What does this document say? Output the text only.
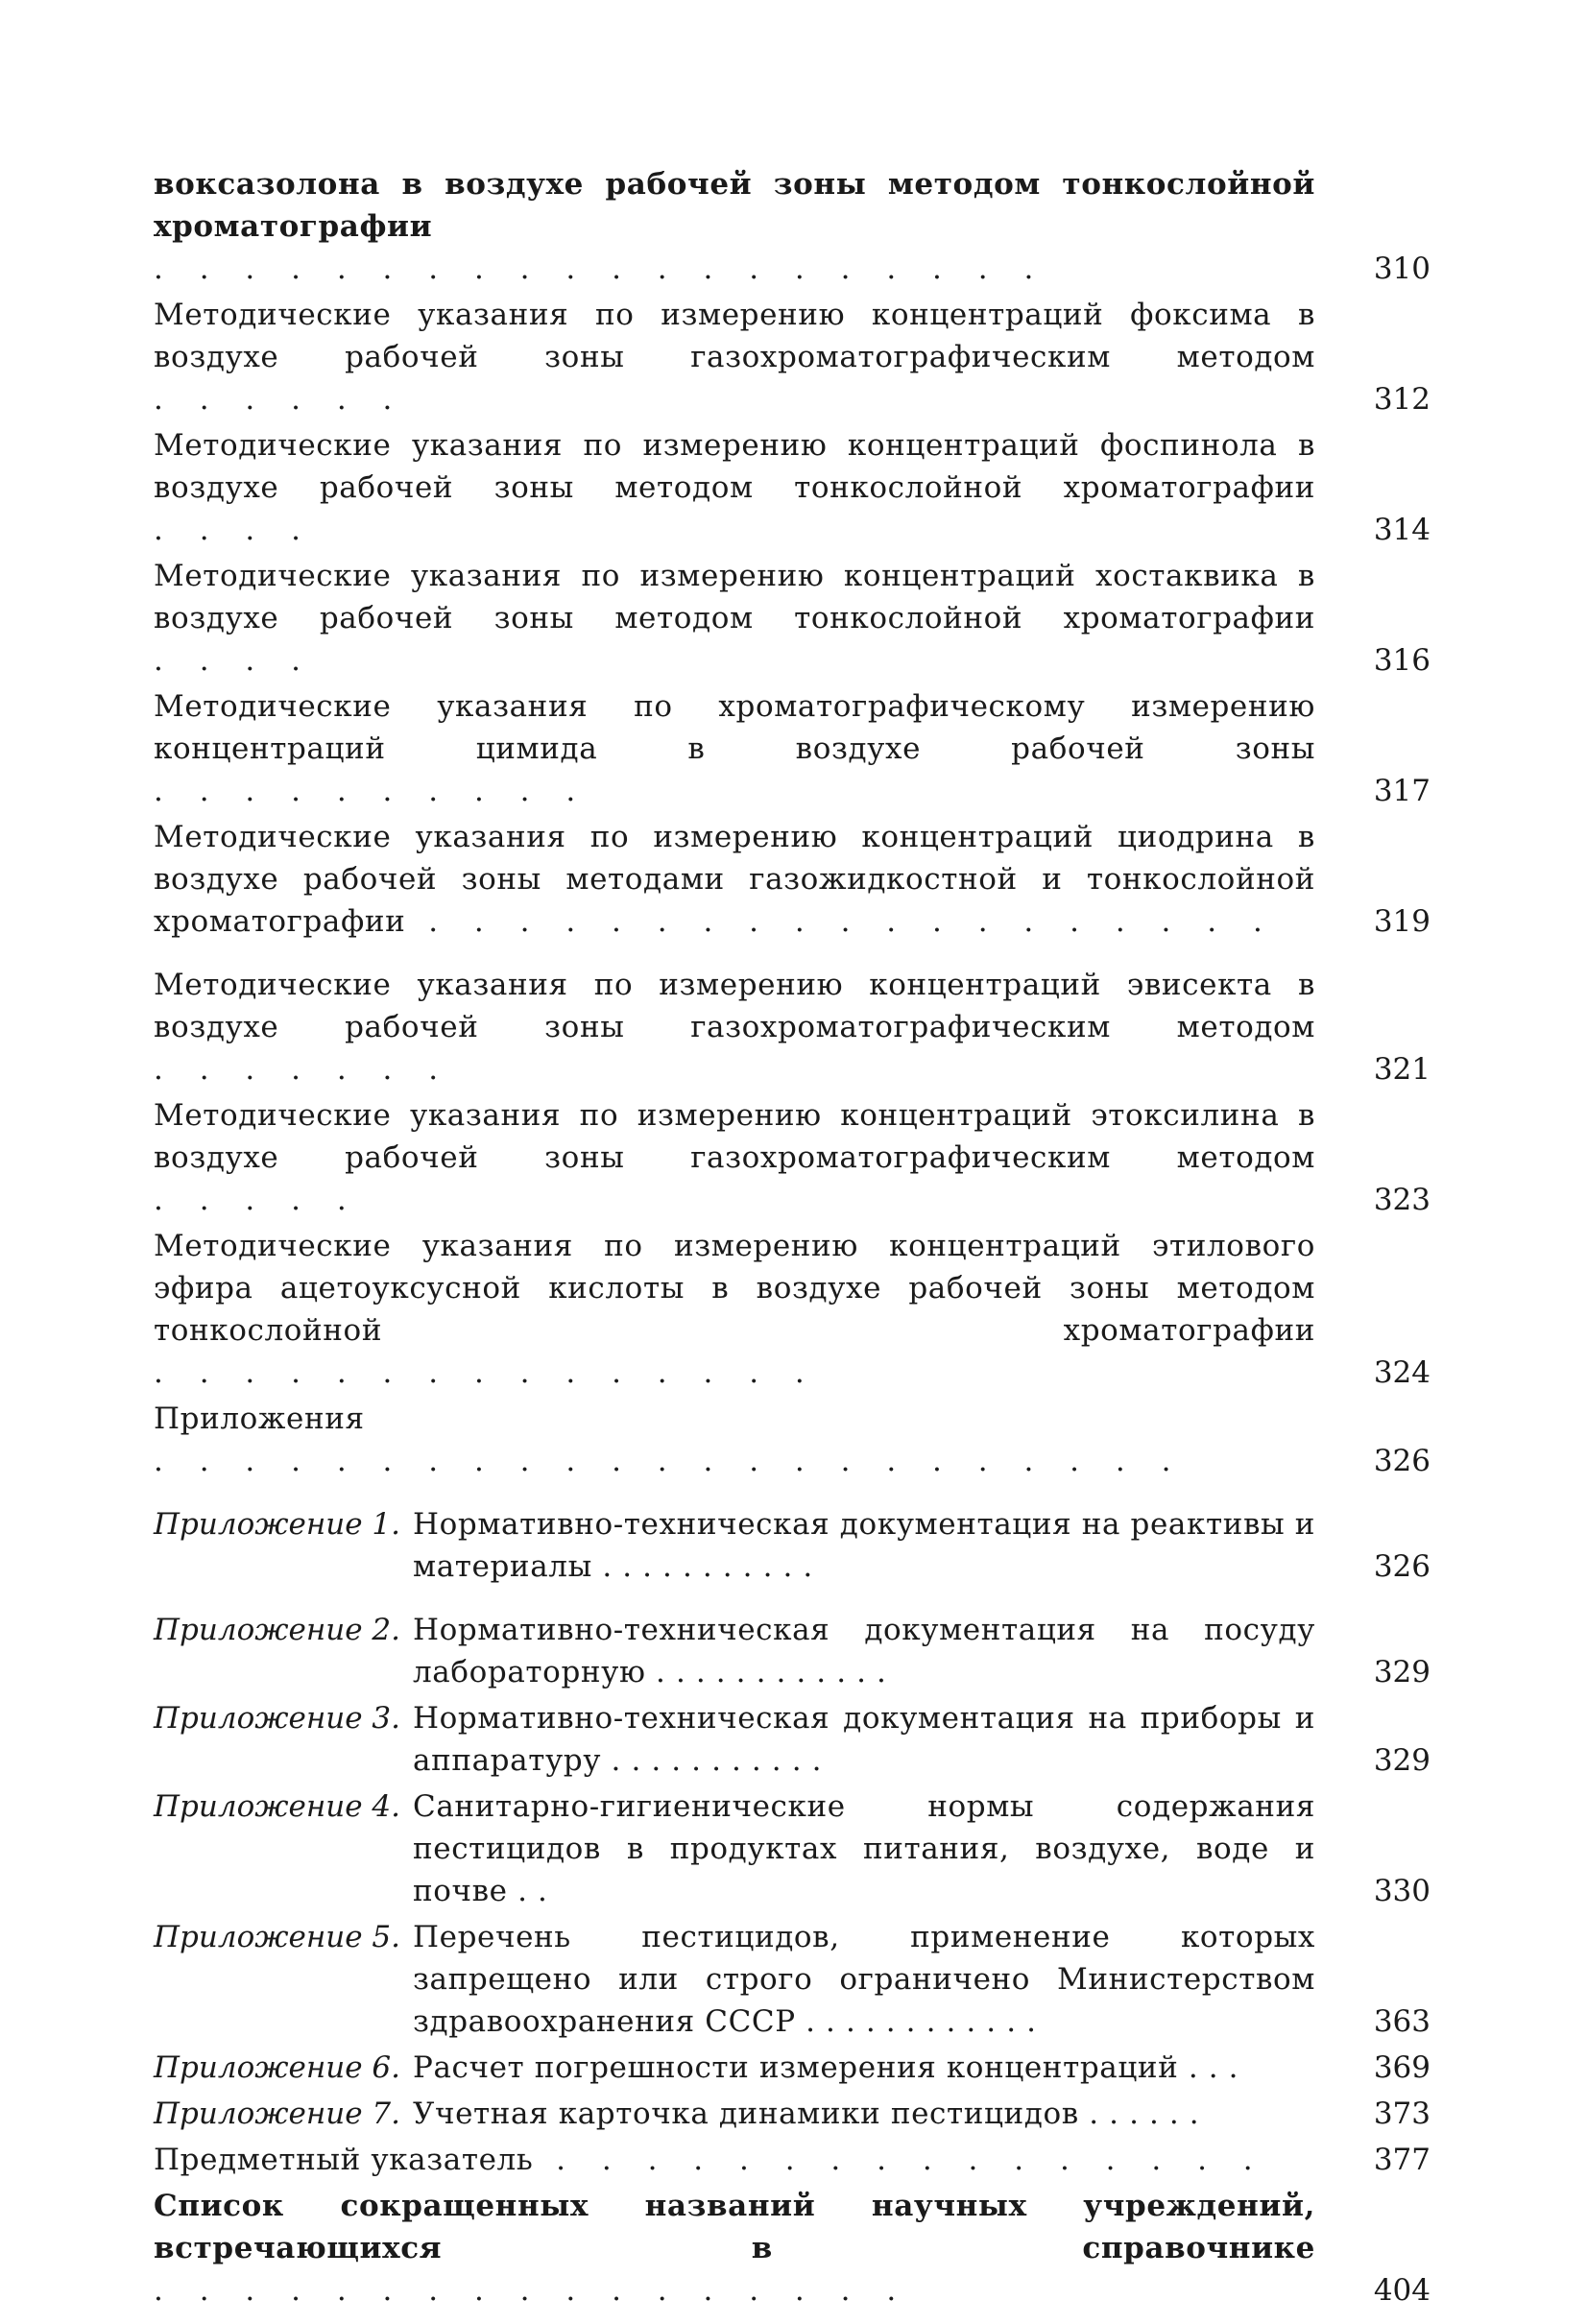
воксазолона в воздухе рабочей зоны методом тонкослойной хроматографии . . . . . . . . . . . . . . . . . . . .	310
Методические указания по измерению концентраций фоксима в воздухе рабочей зоны газохроматографическим методом . . . . . .	312
Методические указания по измерению концентраций фоспинола в воздухе рабочей зоны методом тонкослойной хроматографии . . . .	314
Методические указания по измерению концентраций хостаквика в воздухе рабочей зоны методом тонкослойной хроматографии . . . .	316
Методические указания по хроматографическому измерению концентраций цимида в воздухе рабочей зоны . . . . . . . . . .	317
Методические указания по измерению концентраций циодрина в воздухе рабочей зоны методами газожидкостной и тонкослойной хроматографии . . . . . . . . . . . . . . . . . . .	319
Методические указания по измерению концентраций эвисекта в воздухе рабочей зоны газохроматографическим методом . . . . . . .	321
Методические указания по измерению концентраций этоксилина в воздухе рабочей зоны газохроматографическим методом . . . . .	323
Методические указания по измерению концентраций этилового эфира ацетоуксусной кислоты в воздухе рабочей зоны методом тонкослойной хроматографии . . . . . . . . . . . . . . .	324
Приложения . . . . . . . . . . . . . . . . . . . . . . .	326
Приложение 1. Нормативно-техническая документация на реактивы и материалы . . . . . . . . . . .	326
Приложение 2. Нормативно-техническая документация на посуду лабораторную . . . . . . . . . . . .	329
Приложение 3. Нормативно-техническая документация на приборы и аппаратуру . . . . . . . . . . .	329
Приложение 4. Санитарно-гигиенические нормы содержания пестицидов в продуктах питания, воздухе, воде и почве . .	330
Приложение 5. Перечень пестицидов, применение которых запрещено или строго ограничено Министерством здравоохранения СССР . . . . . . . . . . . .	363
Приложение 6. Расчет погрешности измерения концентраций . . .	369
Приложение 7. Учетная карточка динамики пестицидов . . . . . .	373
Предметный указатель . . . . . . . . . . . . . . . .	377
Список сокращенных названий научных учреждений, встречающихся в справочнике . . . . . . . . . . . . . . . . .	404
